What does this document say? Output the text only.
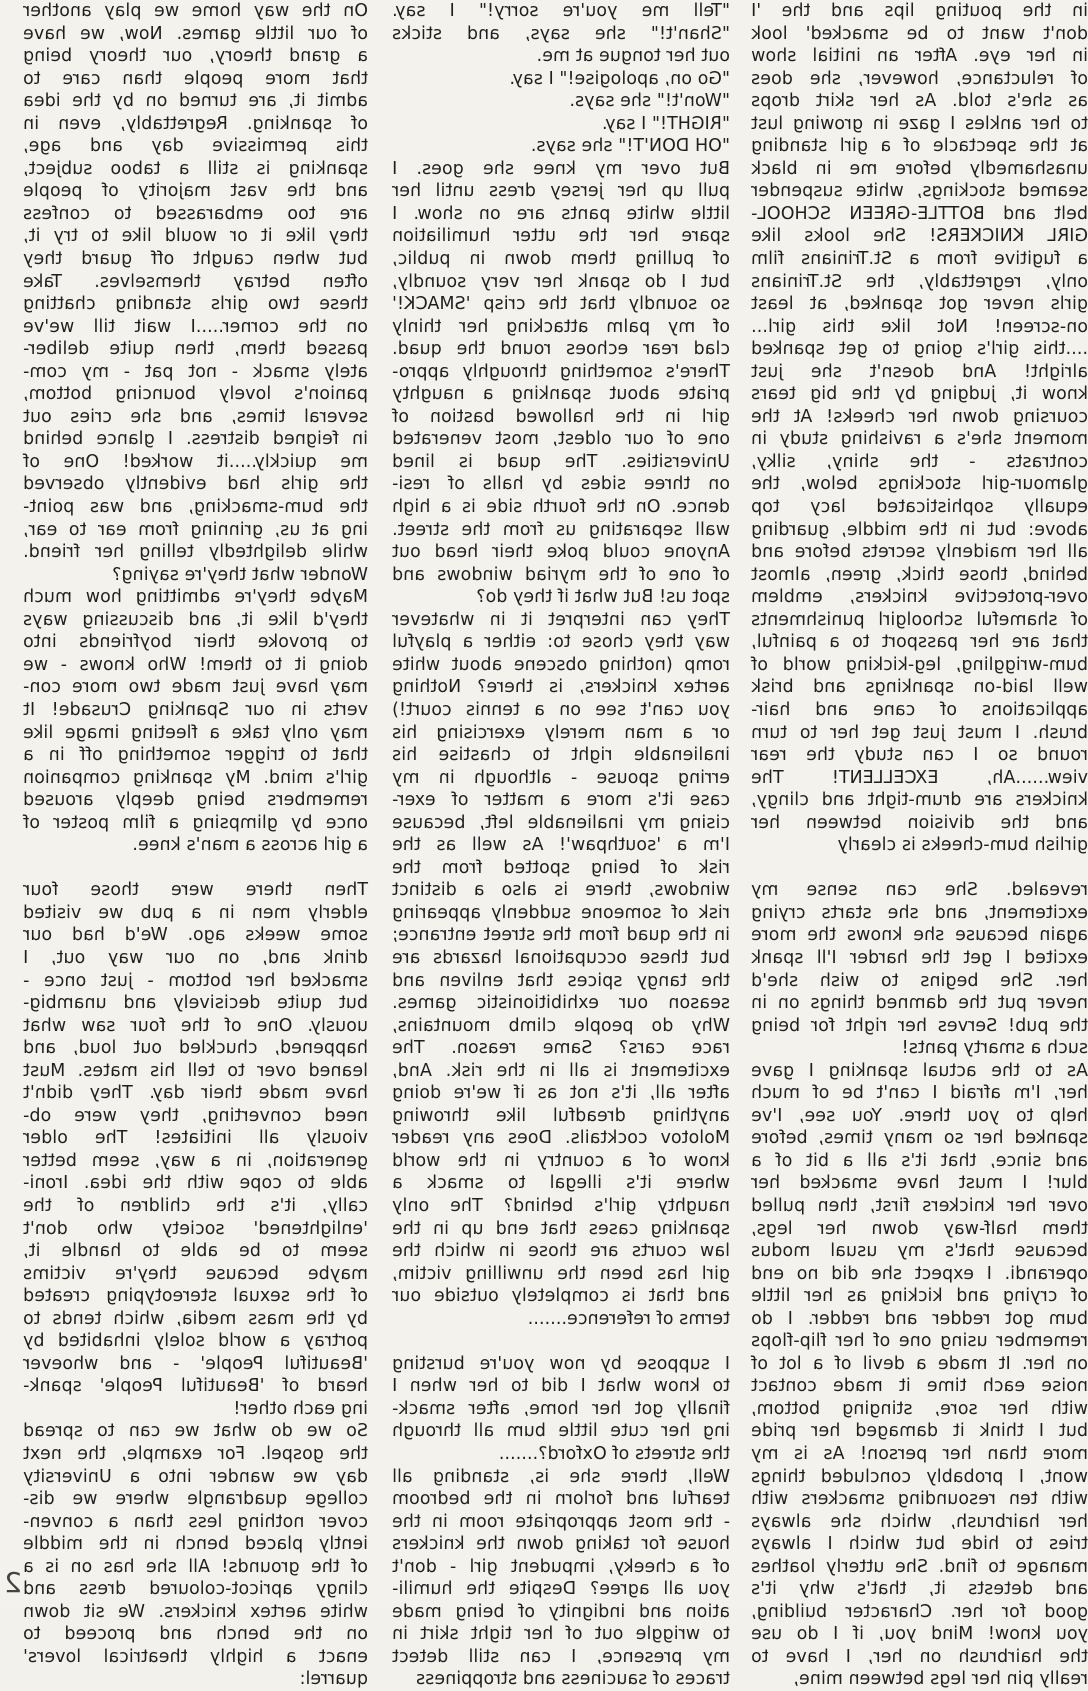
in the pouting lips and the 'I
don't want to be smacked' look
in her eye. After an initial show
of reluctance, however, she does
as she's told. As her skirt drops
to her ankles I gaze in growing lust
at the spectacle of a girl standing
unashamedly before me in black
seamed stockings, white suspender
belt and BOTTLE-GREEN SCHOOL-
GIRL KNICKERS! She looks like
a fugitive from a St.Trinians film
only, regrettably, the St.Trinians
girls never got spanked, at least
on-screen! Not like this girl...
....this girl's going to get spanked
alright! And doesn't she just
know it, judging by the big tears
coursing down her cheeks! At the
moment she's a ravishing study in
contrasts - the shiny, silky,
glamour-girl stockings below, the
equally sophisticated lacy top
above: but in the middle, guarding
all her maidenly secrets before and
behind, those thick, green, almost
over-protective knickers, emblem
of shameful schoolgirl punishments
that are her passport to a painful,
bum-wriggling, leg-kicking world of
well laid-on spankings and brisk
applications of cane and hair-
brush. I must just get her to turn
round so I can study the rear
view......Ah, EXCELLENT! The
knickers are drum-tight and clingy,
and the division between her
girlish bum-cheeks is clearly

revealed. She can sense my
excitement, and she starts crying
again because she knows the more
excited I get the harder I'll spank
her. She begins to wish she'd
never put the damned things on in
the pub! Serves her right for being
such a smarty pants!
As to the actual spanking I gave
her, I'm afraid I can't be of much
help to you there. You see, I've
spanked her so many times, before
and since, that it's all a bit of a
blur! I must have smacked her
over her knickers first, then pulled
them half-way down her legs,
because that's my usual modus
operandi. I expect she did no end
of crying and kicking as her little
bum got redder and redder. I do
remember using one of her flip-flops
on her. It made a devil of a lot of
noise each time it made contact
with her sore, stinging bottom,
but I think it damaged her pride
more than her person! As is my
wont, I probably concluded things
with ten resounding smackers with
her hairbrush, which she always
tries to hide but which I always
manage to find. She utterly loathes
and detests it, that's why it's
good for her. Character building,
you know! Mind you, if I do use
the hairbrush on her, I have to
really pin her legs between mine,
"Tell me you're sorry!" I say.
"Shan't!" she says, and sticks
out her tongue at me.
"Go on, apologise!" I say.
"Won't!" she says.
"RIGHT!" I say.
"OH DON'T!" she says.
But over my knee she goes. I
pull up her jersey dress until her
little white pants are on show. I
spare her the utter humiliation
of pulling them down in public,
but I do spank her very soundly,
so soundly that the crisp 'SMACK!'
of my palm attacking her thinly
clad rear echoes round the quad.
There's something throughly appro-
priate about spanking a naughty
girl in the hallowed bastion of
one of our oldest, most venerated
Universities. The quad is lined
on three sides by halls of resi-
dence. On the fourth side is a high
wall separating us from the street.
Anyone could poke their head out
of one of the myriad windows and
spot us! But what if they do?
They can interpret it in whatever
way they chose to: either a playful
romp (nothing obscene about white
aertex knickers, is there? Nothing
you can't see on a tennis court!)
or a man merely exercising his
inalienable right to chastise his
erring spouse - although in my
case it's more a matter of exer-
cising my inalienable left, because
I'm a 'southpaw'! As well as the
risk of being spotted from the
windows, there is also a distinct
risk of someone suddenly appearing
in the quad from the street entrance;
but these occupational hazards are
the tangy spices that enliven and
season our exhibitionistic games.
Why do people climb mountains,
race cars? Same reason. The
excitement is all in the risk. And,
after all, it's not as if we're doing
anything dreadful like throwing
Molotov cocktails. Does any reader
know of a country in the world
where it's illegal to smack a
naughty girl's behind? The only
spanking cases that end up in the
law courts are those in which the
girl has been the unwilling victim,
and that is completely outside our
terms of reference.......

I suppose by now you're bursting
to know what I did to her when I
finally got her home, after smack-
ing her cute little bum all through
the streets of Oxford?.......
Well, there she is, standing all
tearful and forlorn in the bedroom
- the most appropriate room in the
house for taking down the knickers
of a cheeky, impudent girl - don't
you all agree? Despite the humili-
ation and indignity of being made
to wriggle out of her tight skirt in
my presence, I can still detect
traces of sauciness and stroppiness
On the way home we play another
of our little games. Now, we have
a grand theory, our theory being
that more people than care to
admit it, are turned on by the idea
of spanking. Regrettably, even in
this permissive day and age,
spanking is still a taboo subject,
and the vast majority of people
are too embarassed to confess
they like it or would like to try it,
but when caught off guard they
often betray themselves. Take
these two girls standing chatting
on the corner.....I wait till we've
passed them, then quite deliber-
ately smack - not pat - my com-
panion's lovely bouncing bottom,
several times, and she cries out
in feigned distress. I glance behind
me quickly.....it worked! One of
the girls had evidently observed
the bum-smacking, and was point-
ing at us, grinning from ear to ear,
while delightedly telling her friend.
Wonder what they're saying?
Maybe they're admitting how much
they'd like it, and discussing ways
to provoke their boyfriends into
doing it to them! Who knows - we
may have just made two more con-
verts in our Spanking Crusade! It
may only take a fleeting image like
that to trigger something off in a
girl's mind. My spanking companion
remembers being deeply aroused
once by glimpsing a film poster of
a girl across a man's knee.

Then there were those four
elderly men in a pub we visited
some weeks ago. We'd had our
drink and, on our way out, I
smacked her bottom - just once -
but quite decisively and unambig-
uously. One of the four saw what
happened, chuckled out loud, and
leaned over to tell his mates. Must
have made their day. They didn't
need converting, they were ob-
viously all initiates! The older
generation, in a way, seem better
able to cope with the idea. Ironi-
cally, it's the children of the
'enlightened' society who don't
seem to be able to handle it,
maybe because they're victims
of the sexual stereotyping created
by the mass media, which tends to
portray a world solely inhabited by
'Beautiful People' - and whoever
heard of 'Beautiful People' spank-
ing each other!
So we do what we can to spread
the gospel. For example, the next
day we wander into a University
college quadrangle where we dis-
cover nothing less than a conven-
iently placed bench in the middle
of the grounds! All she has on is a
clingy apricot-coloured dress and
white aertex knickers. We sit down
on the bench and proceed to
enact a highly theatrical lovers'
quarrel:
2
